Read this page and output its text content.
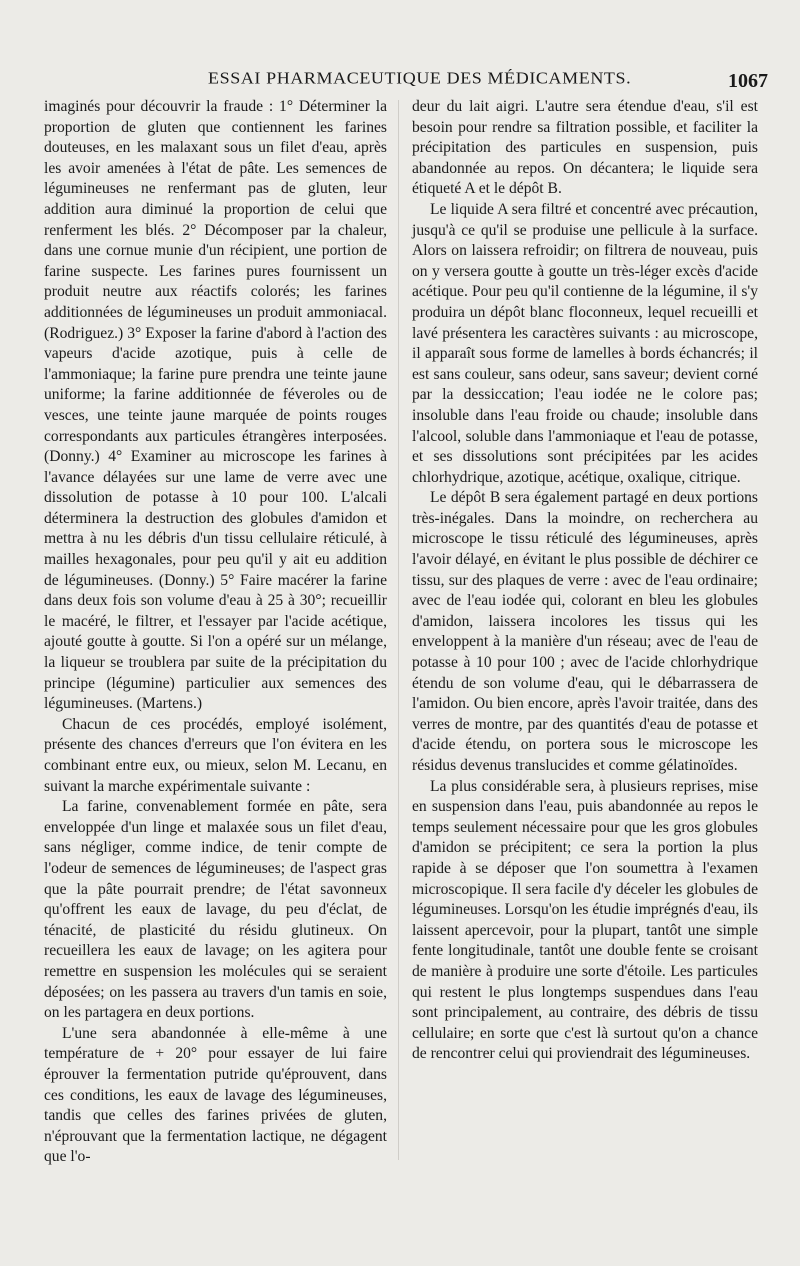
ESSAI PHARMACEUTIQUE DES MÉDICAMENTS.	1067

imaginés pour découvrir la fraude : 1° Déterminer la proportion de gluten que contiennent les farines douteuses, en les malaxant sous un filet d'eau, après les avoir amenées à l'état de pâte. Les semences de légumineuses ne renfermant pas de gluten, leur addition aura diminué la proportion de celui que renferment les blés. 2° Décomposer par la chaleur, dans une cornue munie d'un récipient, une portion de farine suspecte. Les farines pures fournissent un produit neutre aux réactifs colorés; les farines additionnées de légumineuses un produit ammoniacal. (Rodriguez.) 3° Exposer la farine d'abord à l'action des vapeurs d'acide azotique, puis à celle de l'ammoniaque; la farine pure prendra une teinte jaune uniforme; la farine additionnée de féveroles ou de vesces, une teinte jaune marquée de points rouges correspondants aux particules étrangères interposées. (Donny.) 4° Examiner au microscope les farines à l'avance délayées sur une lame de verre avec une dissolution de potasse à 10 pour 100. L'alcali déterminera la destruction des globules d'amidon et mettra à nu les débris d'un tissu cellulaire réticulé, à mailles hexagonales, pour peu qu'il y ait eu addition de légumineuses. (Donny.) 5° Faire macérer la farine dans deux fois son volume d'eau à 25 à 30°; recueillir le macéré, le filtrer, et l'essayer par l'acide acétique, ajouté goutte à goutte. Si l'on a opéré sur un mélange, la liqueur se troublera par suite de la précipitation du principe (légumine) particulier aux semences des légumineuses. (Martens.)

Chacun de ces procédés, employé isolément, présente des chances d'erreurs que l'on évitera en les combinant entre eux, ou mieux, selon M. Lecanu, en suivant la marche expérimentale suivante :

La farine, convenablement formée en pâte, sera enveloppée d'un linge et malaxée sous un filet d'eau, sans négliger, comme indice, de tenir compte de l'odeur de semences de légumineuses; de l'aspect gras que la pâte pourrait prendre; de l'état savonneux qu'offrent les eaux de lavage, du peu d'éclat, de ténacité, de plasticité du résidu glutineux. On recueillera les eaux de lavage; on les agitera pour remettre en suspension les molécules qui se seraient déposées; on les passera au travers d'un tamis en soie, on les partagera en deux portions.

L'une sera abandonnée à elle-même à une température de + 20° pour essayer de lui faire éprouver la fermentation putride qu'éprouvent, dans ces conditions, les eaux de lavage des légumineuses, tandis que celles des farines privées de gluten, n'éprouvant que la fermentation lactique, ne dégagent que l'o-

deur du lait aigri. L'autre sera étendue d'eau, s'il est besoin pour rendre sa filtration possible, et faciliter la précipitation des particules en suspension, puis abandonnée au repos. On décantera; le liquide sera étiqueté A et le dépôt B.

Le liquide A sera filtré et concentré avec précaution, jusqu'à ce qu'il se produise une pellicule à la surface. Alors on laissera refroidir; on filtrera de nouveau, puis on y versera goutte à goutte un très-léger excès d'acide acétique. Pour peu qu'il contienne de la légumine, il s'y produira un dépôt blanc floconneux, lequel recueilli et lavé présentera les caractères suivants : au microscope, il apparaît sous forme de lamelles à bords échancrés; il est sans couleur, sans odeur, sans saveur; devient corné par la dessiccation; l'eau iodée ne le colore pas; insoluble dans l'eau froide ou chaude; insoluble dans l'alcool, soluble dans l'ammoniaque et l'eau de potasse, et ses dissolutions sont précipitées par les acides chlorhydrique, azotique, acétique, oxalique, citrique.

Le dépôt B sera également partagé en deux portions très-inégales. Dans la moindre, on recherchera au microscope le tissu réticulé des légumineuses, après l'avoir délayé, en évitant le plus possible de déchirer ce tissu, sur des plaques de verre : avec de l'eau ordinaire; avec de l'eau iodée qui, colorant en bleu les globules d'amidon, laissera incolores les tissus qui les enveloppent à la manière d'un réseau; avec de l'eau de potasse à 10 pour 100 ; avec de l'acide chlorhydrique étendu de son volume d'eau, qui le débarrassera de l'amidon. Ou bien encore, après l'avoir traitée, dans des verres de montre, par des quantités d'eau de potasse et d'acide étendu, on portera sous le microscope les résidus devenus translucides et comme gélatinoïdes.

La plus considérable sera, à plusieurs reprises, mise en suspension dans l'eau, puis abandonnée au repos le temps seulement nécessaire pour que les gros globules d'amidon se précipitent; ce sera la portion la plus rapide à se déposer que l'on soumettra à l'examen microscopique. Il sera facile d'y déceler les globules de légumineuses. Lorsqu'on les étudie imprégnés d'eau, ils laissent apercevoir, pour la plupart, tantôt une simple fente longitudinale, tantôt une double fente se croisant de manière à produire une sorte d'étoile. Les particules qui restent le plus longtemps suspendues dans l'eau sont principalement, au contraire, des débris de tissu cellulaire; en sorte que c'est là surtout qu'on a chance de rencontrer celui qui proviendrait des légumineuses.
